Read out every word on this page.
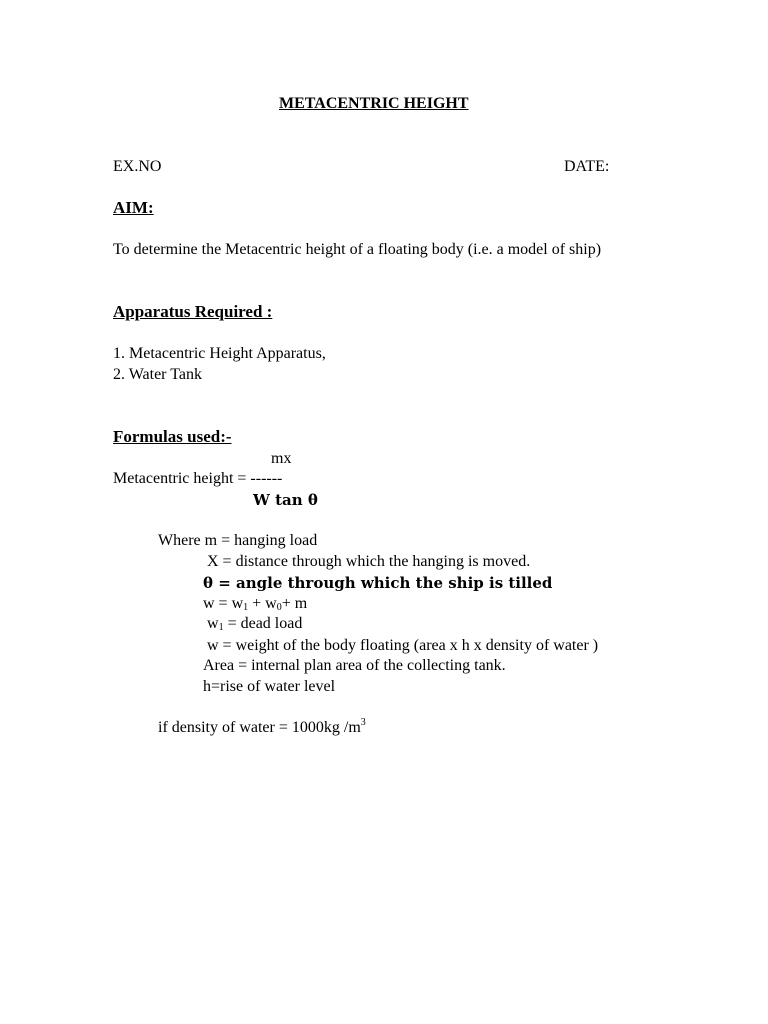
METACENTRIC HEIGHT
EX.NO	DATE:
AIM:
To determine the Metacentric height of a floating body (i.e. a model of ship)
Apparatus Required :
1. Metacentric Height Apparatus,
2. Water Tank
Formulas used:-
mx
Metacentric height = ------
W tan θ
Where m = hanging load
X = distance through which the hanging is moved.
θ = angle through which the ship is tilled
$w = w_1 + w_0+ m$
$w_1$ = dead load
w = weight of the body floating (area x h x density of water )
Area = internal plan area of the collecting tank.
h=rise of water level
if density of water = 1000kg $/m^3$
